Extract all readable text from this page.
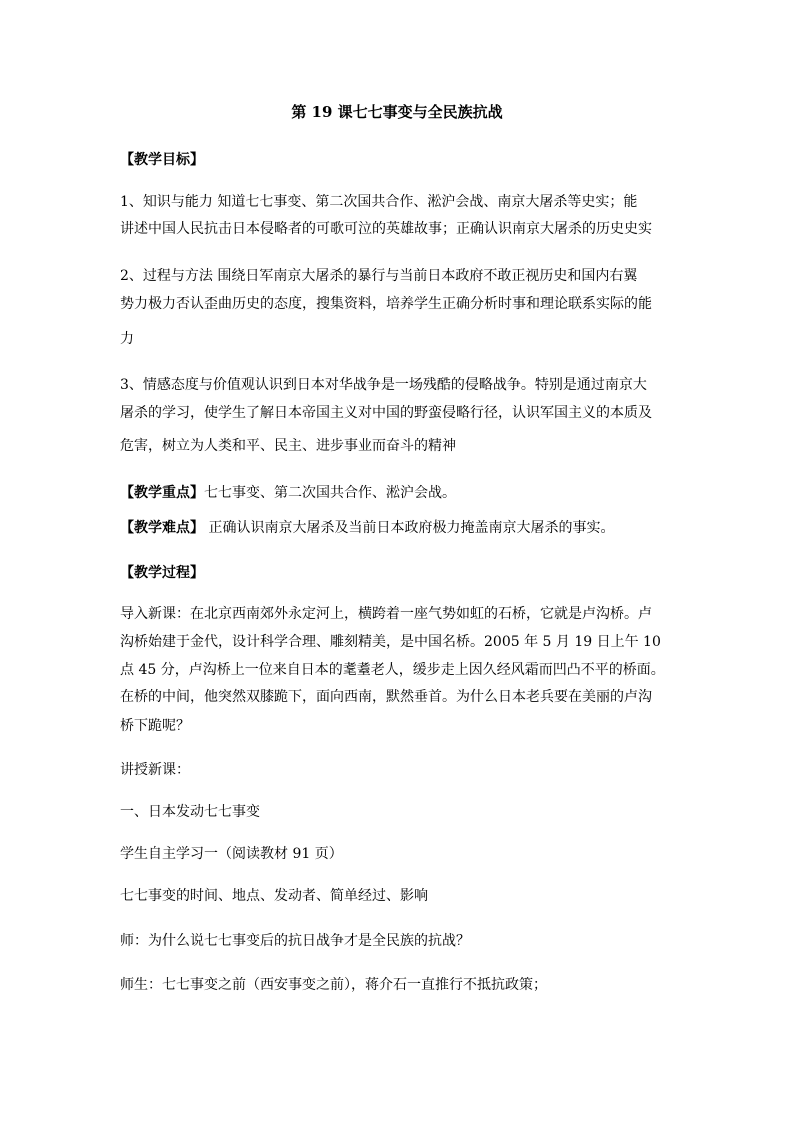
第 19 课七七事变与全民族抗战
【教学目标】
1、知识与能力 知道七七事变、第二次国共合作、淞沪会战、南京大屠杀等史实；能
讲述中国人民抗击日本侵略者的可歌可泣的英雄故事；正确认识南京大屠杀的历史史实
2、过程与方法 围绕日军南京大屠杀的暴行与当前日本政府不敢正视历史和国内右翼
势力极力否认歪曲历史的态度，搜集资料，培养学生正确分析时事和理论联系实际的能
力
3、情感态度与价值观认识到日本对华战争是一场残酷的侵略战争。特别是通过南京大
屠杀的学习，使学生了解日本帝国主义对中国的野蛮侵略行径，认识军国主义的本质及
危害，树立为人类和平、民主、进步事业而奋斗的精神
【教学重点】七七事变、第二次国共合作、淞沪会战。
【教学难点】 正确认识南京大屠杀及当前日本政府极力掩盖南京大屠杀的事实。
【教学过程】
导入新课：在北京西南郊外永定河上，横跨着一座气势如虹的石桥，它就是卢沟桥。卢
沟桥始建于金代，设计科学合理、雕刻精美，是中国名桥。2005 年 5 月 19 日上午 10
点 45 分，卢沟桥上一位来自日本的耄耋老人，缓步走上因久经风霜而凹凸不平的桥面。
在桥的中间，他突然双膝跪下，面向西南，默然垂首。为什么日本老兵要在美丽的卢沟
桥下跪呢？
讲授新课：
一、日本发动七七事变
学生自主学习一（阅读教材 91 页）
七七事变的时间、地点、发动者、简单经过、影响
师：为什么说七七事变后的抗日战争才是全民族的抗战？
师生：七七事变之前（西安事变之前），蒋介石一直推行不抵抗政策；
